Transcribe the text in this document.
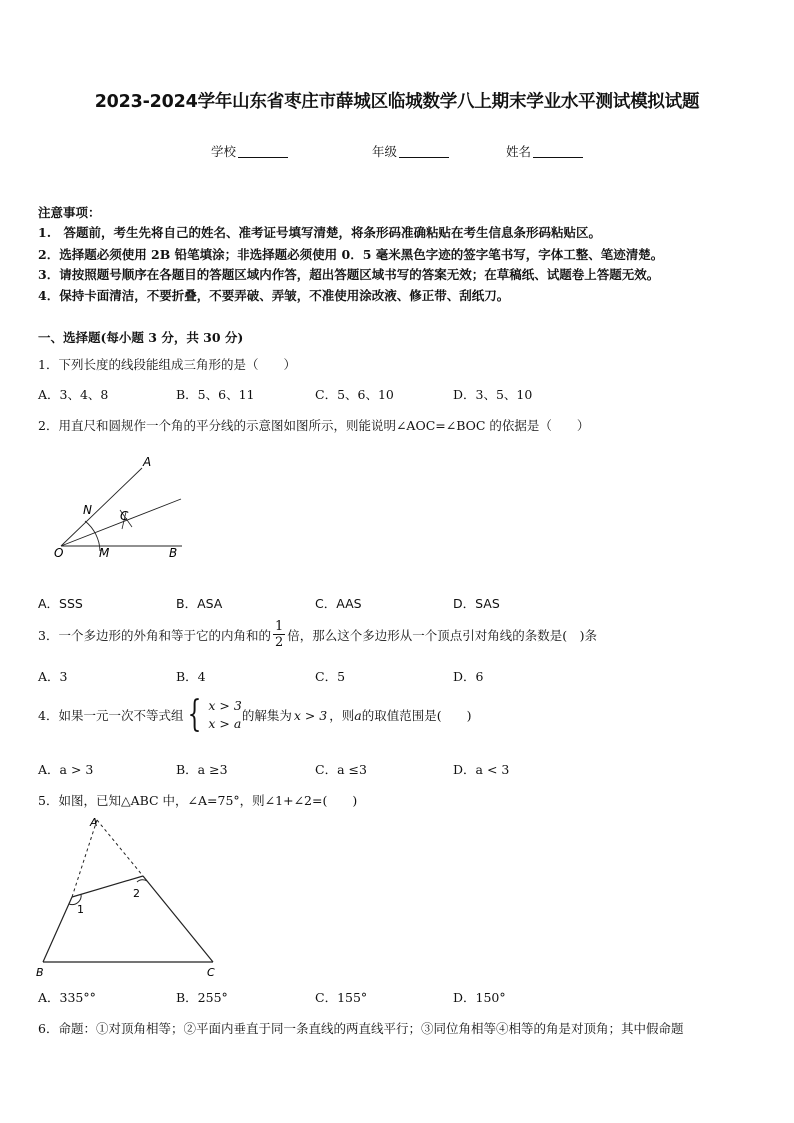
2023-2024学年山东省枣庄市薛城区临城数学八上期末学业水平测试模拟试题
学校	年级	姓名
注意事项：
1.　答题前，考生先将自己的姓名、准考证号填写清楚，将条形码准确粘贴在考生信息条形码粘贴区。
2．选择题必须使用 2B 铅笔填涂；非选择题必须使用 0．5 毫米黑色字迹的签字笔书写，字体工整、笔迹清楚。
3．请按照题号顺序在各题目的答题区域内作答，超出答题区域书写的答案无效；在草稿纸、试题卷上答题无效。
4．保持卡面清洁，不要折叠，不要弄破、弄皱，不准使用涂改液、修正带、刮纸刀。
一、选择题(每小题 3 分，共 30 分)
1．下列长度的线段能组成三角形的是（　　）
A．3、4、8	B．5、6、11	C．5、6、10	D．3、5、10
2．用直尺和圆规作一个角的平分线的示意图如图所示，则能说明∠AOC=∠BOC 的依据是（　　）
A
N C
O	M	B
A．SSS	B．ASA	C．AAS	D．SAS
3．一个多边形的外角和等于它的内角和的 $\frac{1}{2}$ 倍，那么这个多边形从一个顶点引对角线的条数是(　)条
A．3	B．4	C．5	D．6
4．如果一元一次不等式组 { x > 3
x > a
的解集为 x > 3 ，则 a 的取值范围是(　　)
A．a > 3	B．a ≥3	C．a ≤3	D．a < 3
5．如图，已知△ABC 中，∠A=75°，则∠1+∠2=(　　)
A
B	C
1
2
A．335°°	B．255°	C．155°	D．150°
6．命题：①对顶角相等；②平面内垂直于同一条直线的两直线平行；③同位角相等④相等的角是对顶角；其中假命题
